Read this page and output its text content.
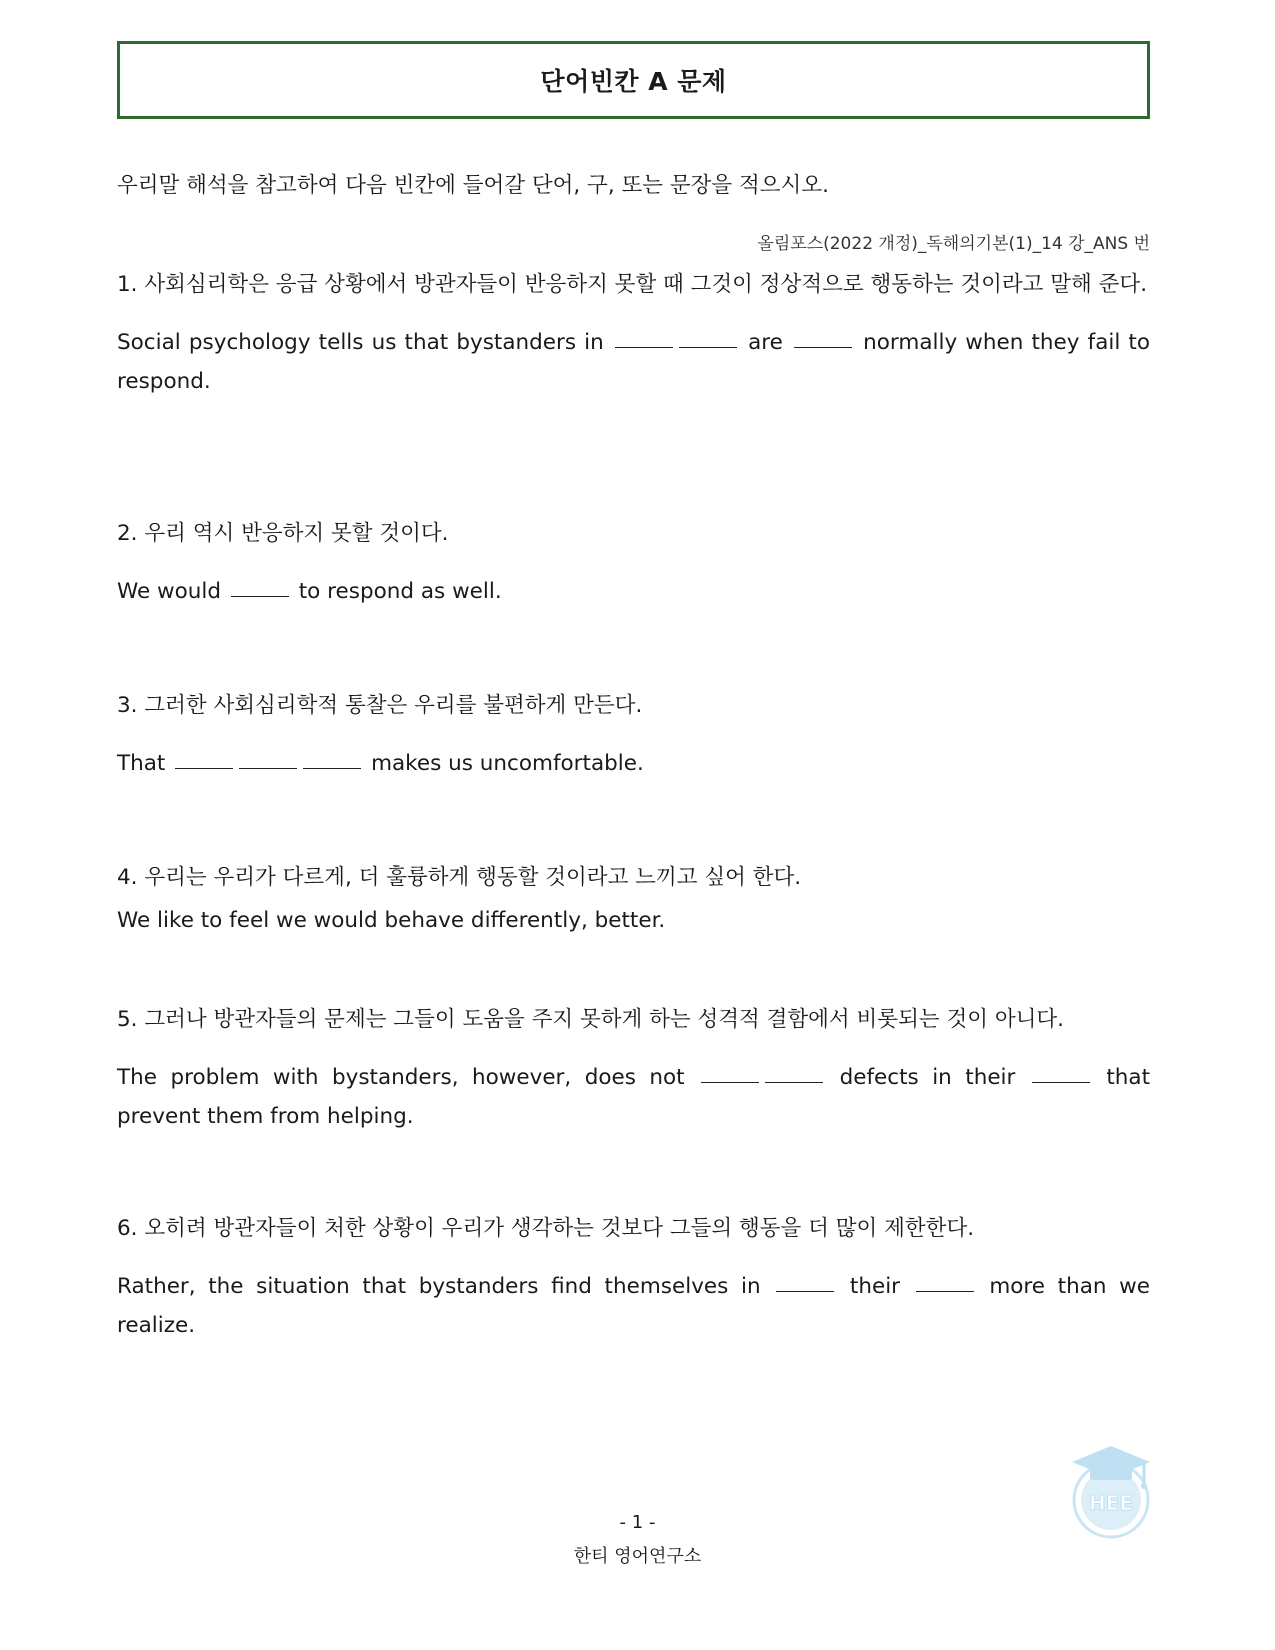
단어빈칸 A 문제
우리말 해석을 참고하여 다음 빈칸에 들어갈 단어, 구, 또는 문장을 적으시오.
올림포스(2022 개정)_독해의기본(1)_14 강_ANS 번
1. 사회심리학은 응급 상황에서 방관자들이 반응하지 못할 때 그것이 정상적으로 행동하는 것이라고 말해 준다.
Social psychology tells us that bystanders in	are	normally when they fail to respond.
2. 우리 역시 반응하지 못할 것이다.
We would	to respond as well.
3. 그러한 사회심리학적 통찰은 우리를 불편하게 만든다.
That	makes us uncomfortable.
4. 우리는 우리가 다르게, 더 훌륭하게 행동할 것이라고 느끼고 싶어 한다.
We like to feel we would behave differently, better.
5. 그러나 방관자들의 문제는 그들이 도움을 주지 못하게 하는 성격적 결함에서 비롯되는 것이 아니다.
The problem with bystanders, however, does not	defects in their	that prevent them from helping.
6. 오히려 방관자들이 처한 상황이 우리가 생각하는 것보다 그들의 행동을 더 많이 제한한다.
Rather, the situation that bystanders find themselves in	their	more than we realize.
HEE
- 1 -
한티 영어연구소
